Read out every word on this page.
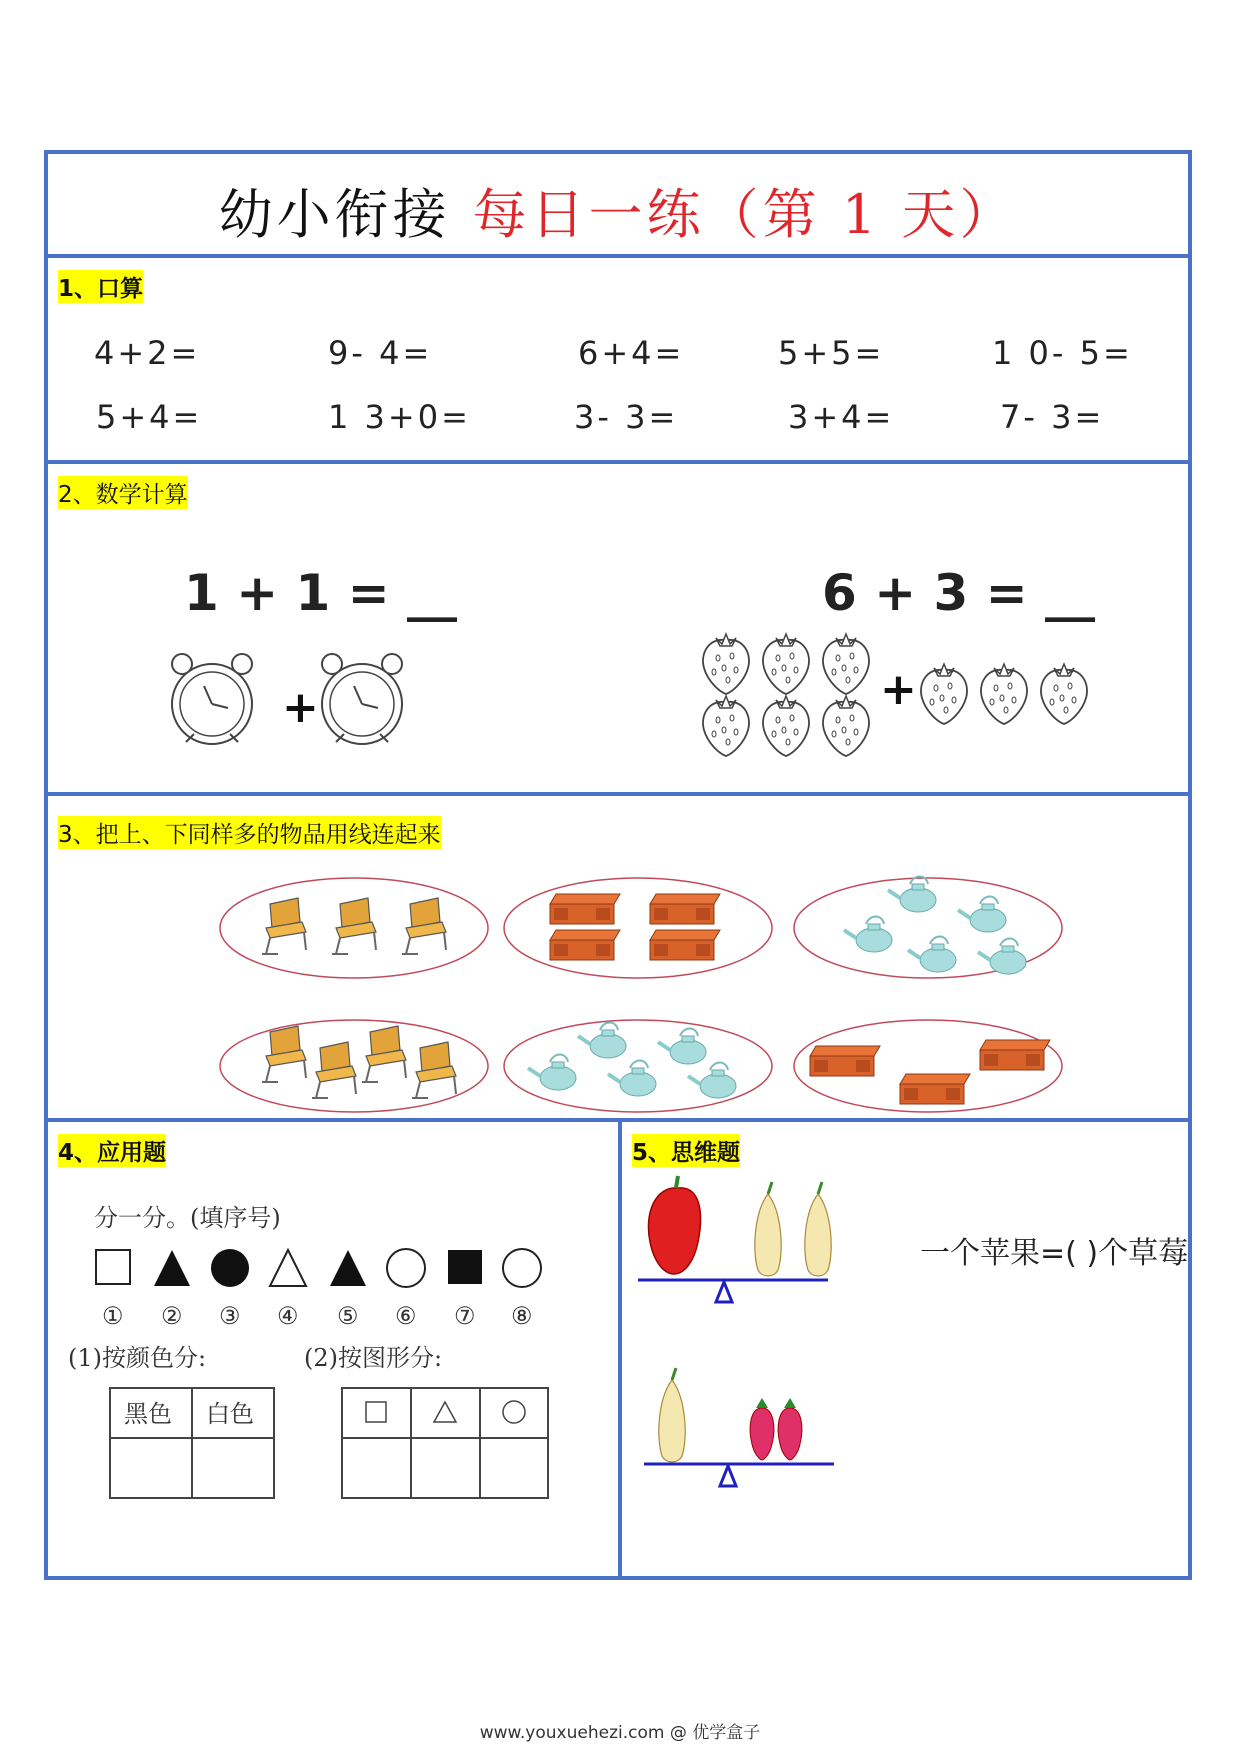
幼小衔接 每日一练（第 1 天）
1、口算
4+2=	9- 4=	6+4=	5+5=	1 0- 5=
5+4=	1 3+0=	3- 3=	3+4=	7- 3=
2、数学计算
1 + 1 = __	6 + 3 = __
+	+
3、把上、下同样多的物品用线连起来
4、应用题
分一分。(填序号)
① ② ③ ④ ⑤ ⑥ ⑦ ⑧
(1)按颜色分:	(2)按图形分:
黑色 白色
5、思维题
一个苹果=( )个草莓
www.youxuehezi.com @ 优学盒子
